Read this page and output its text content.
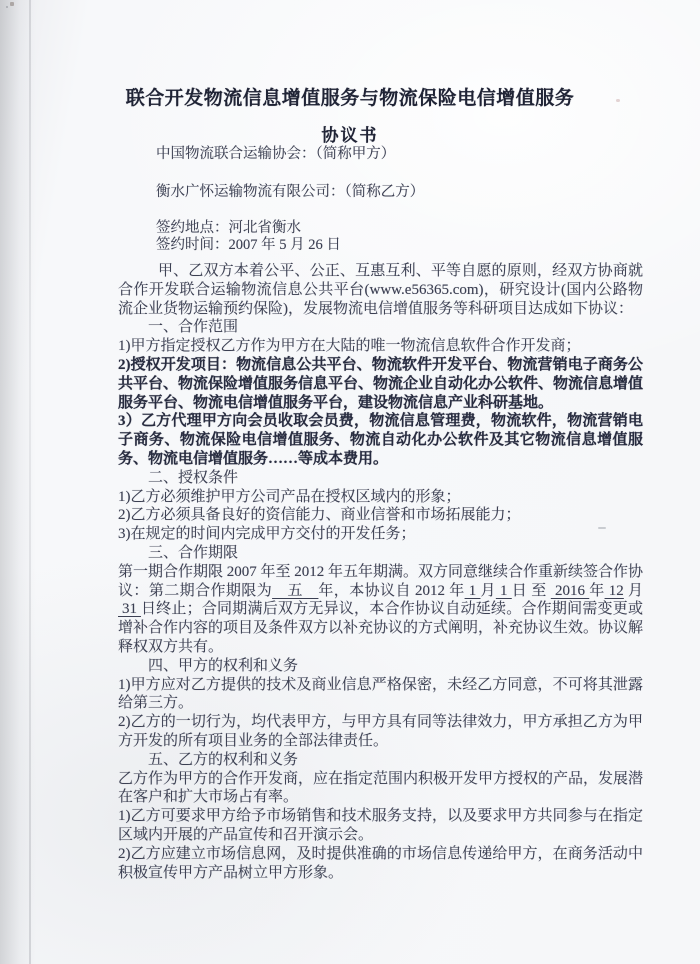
联合开发物流信息增值服务与物流保险电信增值服务
协议书

中国物流联合运输协会：（简称甲方）

衡水广怀运输物流有限公司：（简称乙方）

签约地点：河北省衡水

签约时间：2007 年 5 月 26 日

甲、乙双方本着公平、公正、互惠互利、平等自愿的原则，经双方协商就合作开发联合运输物流信息公共平台(www.e56365.com)，研究设计(国内公路物流企业货物运输预约保险)，发展物流电信增值服务等科研项目达成如下协议：

一、合作范围

1)甲方指定授权乙方作为甲方在大陆的唯一物流信息软件合作开发商；

2)授权开发项目：物流信息公共平台、物流软件开发平台、物流营销电子商务公共平台、物流保险增值服务信息平台、物流企业自动化办公软件、物流信息增值服务平台、物流电信增值服务平台，建设物流信息产业科研基地。

3）乙方代理甲方向会员收取会员费，物流信息管理费，物流软件，物流营销电子商务、物流保险电信增值服务、物流自动化办公软件及其它物流信息增值服务、物流电信增值服务……等成本费用。

二、授权条件

1)乙方必须维护甲方公司产品在授权区域内的形象；

2)乙方必须具备良好的资信能力、商业信誉和市场拓展能力；

3)在规定的时间内完成甲方交付的开发任务；

三、合作期限

第一期合作期限 2007 年至 2012 年五年期满。双方同意继续合作重新续签合作协议：第二期合作期限为　五　年，本协议自 2012 年 1 月 1 日 至  2016 年 12 月 31 日终止；合同期满后双方无异议，本合作协议自动延续。合作期间需变更或增补合作内容的项目及条件双方以补充协议的方式阐明，补充协议生效。协议解释权双方共有。

四、甲方的权利和义务

1)甲方应对乙方提供的技术及商业信息严格保密，未经乙方同意，不可将其泄露给第三方。

2)乙方的一切行为，均代表甲方，与甲方具有同等法律效力，甲方承担乙方为甲方开发的所有项目业务的全部法律责任。

五、乙方的权利和义务

乙方作为甲方的合作开发商，应在指定范围内积极开发甲方授权的产品，发展潜在客户和扩大市场占有率。

1)乙方可要求甲方给予市场销售和技术服务支持，以及要求甲方共同参与在指定区域内开展的产品宣传和召开演示会。

2)乙方应建立市场信息网，及时提供准确的市场信息传递给甲方，在商务活动中积极宣传甲方产品树立甲方形象。
